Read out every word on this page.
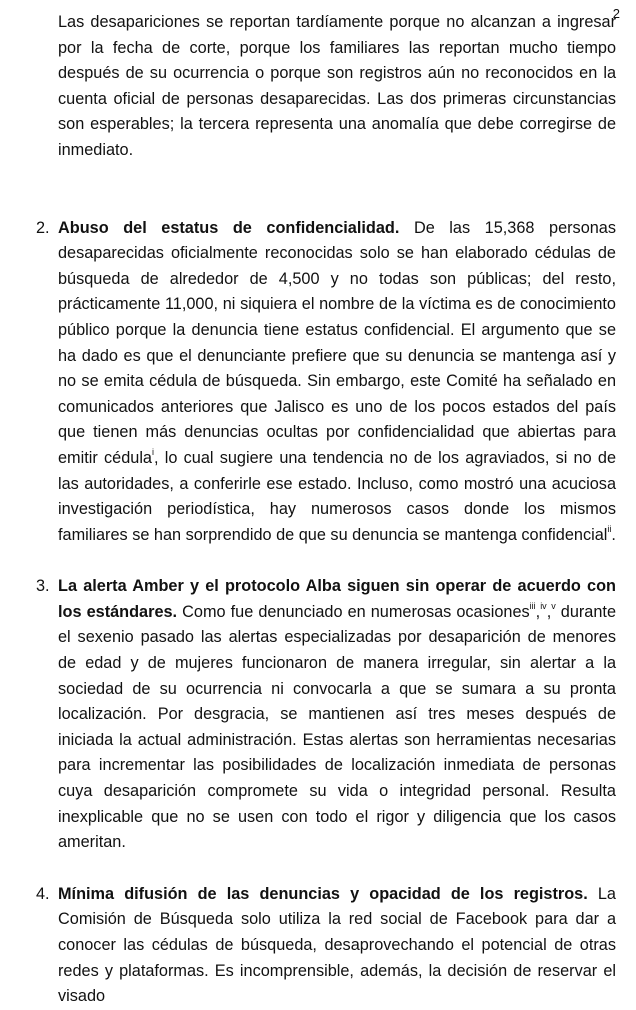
2

Las desapariciones se reportan tardíamente porque no alcanzan a ingresar por la fecha de corte, porque los familiares las reportan mucho tiempo después de su ocurrencia o porque son registros aún no reconocidos en la cuenta oficial de personas desaparecidas. Las dos primeras circunstancias son esperables; la tercera representa una anomalía que debe corregirse de inmediato.

2. Abuso del estatus de confidencialidad. De las 15,368 personas desaparecidas oficialmente reconocidas solo se han elaborado cédulas de búsqueda de alrededor de 4,500 y no todas son públicas; del resto, prácticamente 11,000, ni siquiera el nombre de la víctima es de conocimiento público porque la denuncia tiene estatus confidencial. El argumento que se ha dado es que el denunciante prefiere que su denuncia se mantenga así y no se emita cédula de búsqueda. Sin embargo, este Comité ha señalado en comunicados anteriores que Jalisco es uno de los pocos estados del país que tienen más denuncias ocultas por confidencialidad que abiertas para emitir cédula$^i$, lo cual sugiere una tendencia no de los agraviados, si no de las autoridades, a conferirle ese estado. Incluso, como mostró una acuciosa investigación periodística, hay numerosos casos donde los mismos familiares se han sorprendido de que su denuncia se mantenga confidencial$^{ii}$.

3. La alerta Amber y el protocolo Alba siguen sin operar de acuerdo con los estándares. Como fue denunciado en numerosas ocasiones$^{iii}$,$^{iv}$,$^v$ durante el sexenio pasado las alertas especializadas por desaparición de menores de edad y de mujeres funcionaron de manera irregular, sin alertar a la sociedad de su ocurrencia ni convocarla a que se sumara a su pronta localización. Por desgracia, se mantienen así tres meses después de iniciada la actual administración. Estas alertas son herramientas necesarias para incrementar las posibilidades de localización inmediata de personas cuya desaparición compromete su vida o integridad personal. Resulta inexplicable que no se usen con todo el rigor y diligencia que los casos ameritan.

4. Mínima difusión de las denuncias y opacidad de los registros. La Comisión de Búsqueda solo utiliza la red social de Facebook para dar a conocer las cédulas de búsqueda, desaprovechando el potencial de otras redes y plataformas. Es incomprensible, además, la decisión de reservar el visado
